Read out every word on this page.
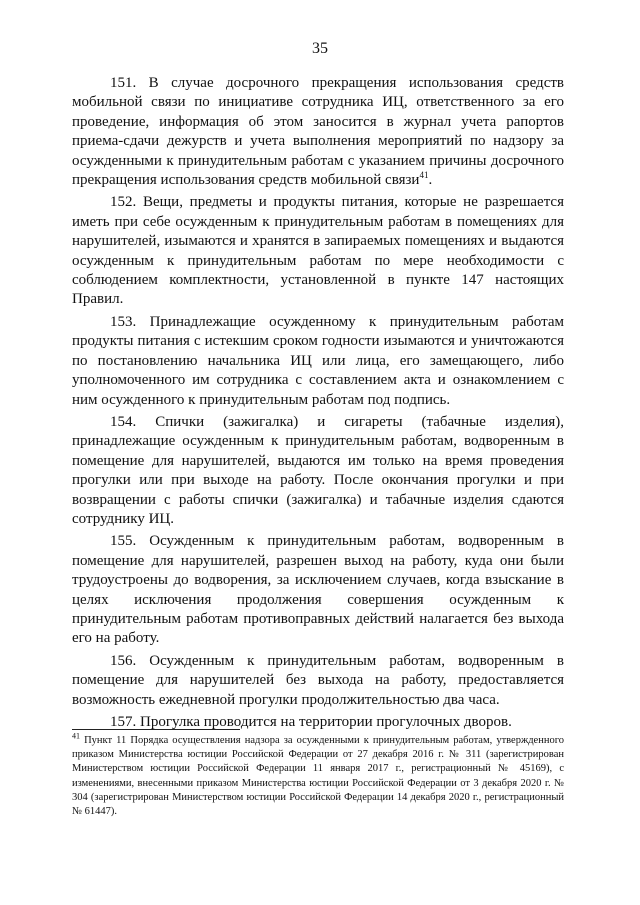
35

151. В случае досрочного прекращения использования средств мобильной связи по инициативе сотрудника ИЦ, ответственного за его проведение, информация об этом заносится в журнал учета рапортов приема-сдачи дежурств и учета выполнения мероприятий по надзору за осужденными к принудительным работам с указанием причины досрочного прекращения использования средств мобильной связи$^{41}$.

152. Вещи, предметы и продукты питания, которые не разрешается иметь при себе осужденным к принудительным работам в помещениях для нарушителей, изымаются и хранятся в запираемых помещениях и выдаются осужденным к принудительным работам по мере необходимости с соблюдением комплектности, установленной в пункте 147 настоящих Правил.

153. Принадлежащие осужденному к принудительным работам продукты питания с истекшим сроком годности изымаются и уничтожаются по постановлению начальника ИЦ или лица, его замещающего, либо уполномоченного им сотрудника с составлением акта и ознакомлением с ним осужденного к принудительным работам под подпись.

154. Спички (зажигалка) и сигареты (табачные изделия), принадлежащие осужденным к принудительным работам, водворенным в помещение для нарушителей, выдаются им только на время проведения прогулки или при выходе на работу. После окончания прогулки и при возвращении с работы спички (зажигалка) и табачные изделия сдаются сотруднику ИЦ.

155. Осужденным к принудительным работам, водворенным в помещение для нарушителей, разрешен выход на работу, куда они были трудоустроены до водворения, за исключением случаев, когда взыскание в целях исключения продолжения совершения осужденным к принудительным работам противоправных действий налагается без выхода его на работу.

156. Осужденным к принудительным работам, водворенным в помещение для нарушителей без выхода на работу, предоставляется возможность ежедневной прогулки продолжительностью два часа.

157. Прогулка проводится на территории прогулочных дворов.

$^{41}$ Пункт 11 Порядка осуществления надзора за осужденными к принудительным работам, утвержденного приказом Министерства юстиции Российской Федерации от 27 декабря 2016 г. № 311 (зарегистрирован Министерством юстиции Российской Федерации 11 января 2017 г., регистрационный № 45169), с изменениями, внесенными приказом Министерства юстиции Российской Федерации от 3 декабря 2020 г. № 304 (зарегистрирован Министерством юстиции Российской Федерации 14 декабря 2020 г., регистрационный № 61447).
